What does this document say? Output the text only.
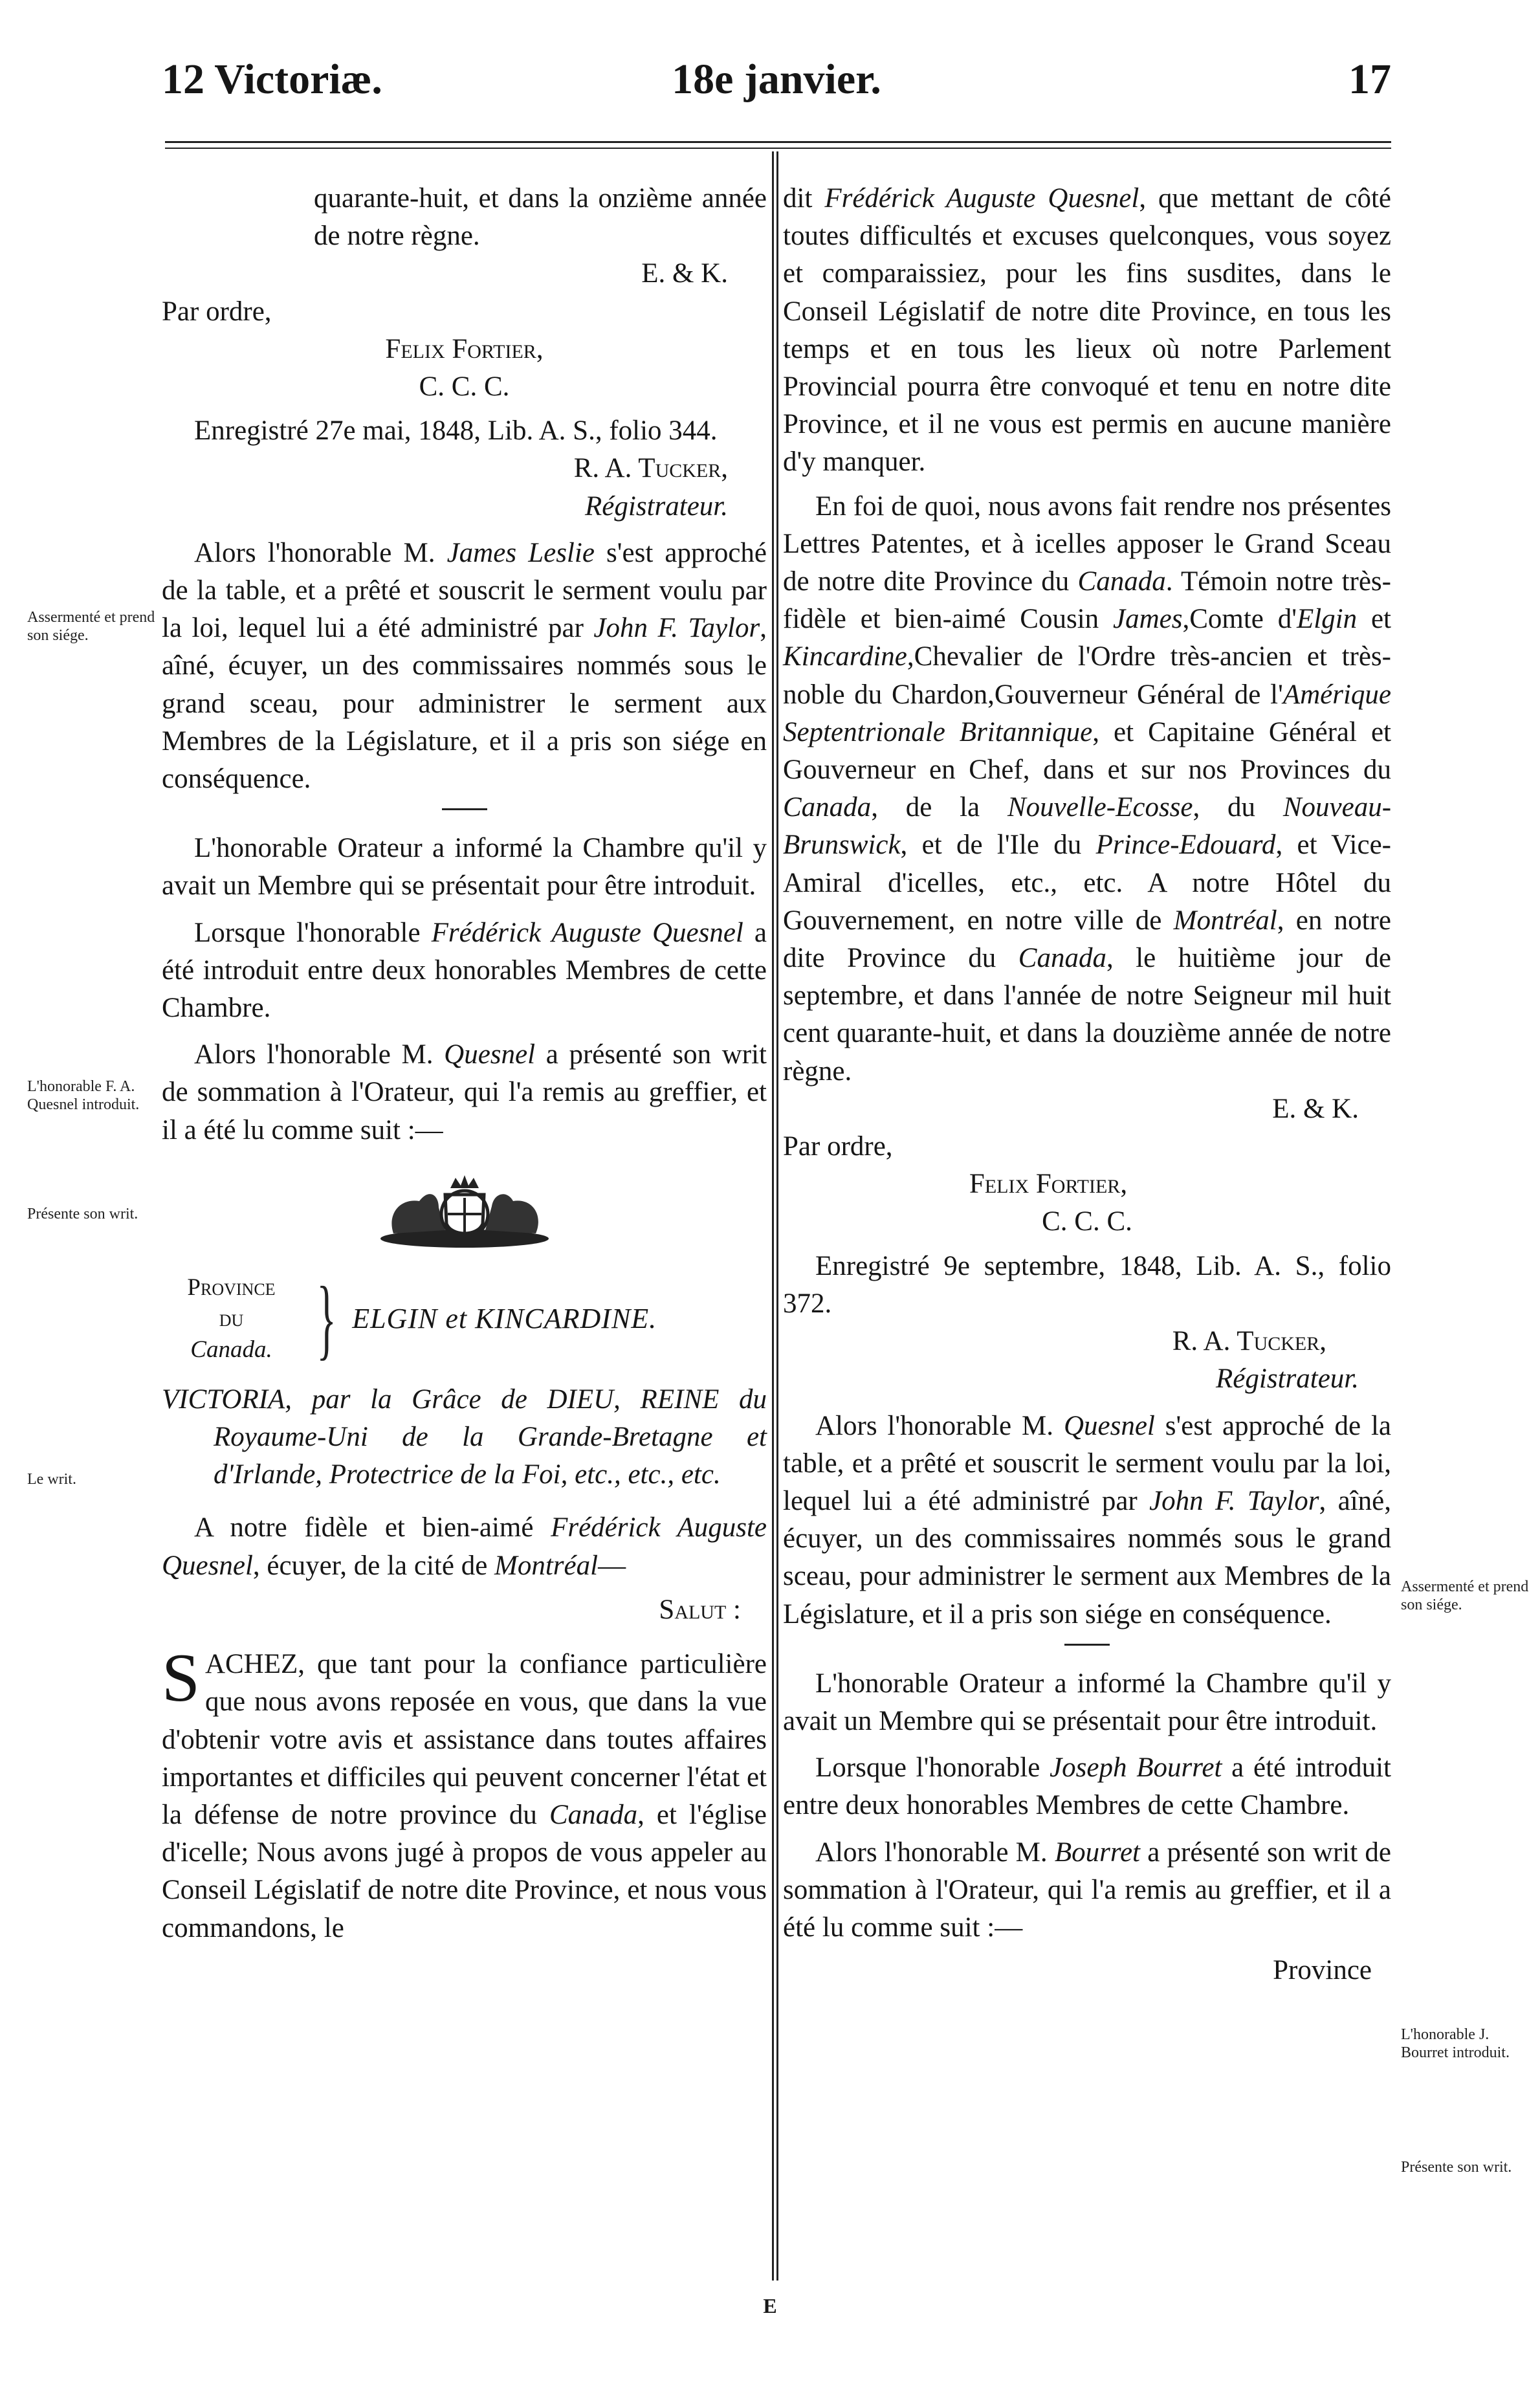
12 Victoriæ.	18e janvier.	17
Assermenté et prend son siége.
L'honorable F. A. Quesnel introduit.
Présente son writ.
Le writ.
Assermenté et prend son siége.
L'honorable J. Bourret introduit.
Présente son writ.

quarante-huit, et dans la onzième année de notre règne.

E. & K.

Par ordre,

Felix Fortier,

C. C. C.

Enregistré 27e mai, 1848, Lib. A. S., folio 344.

R. A. Tucker,

Régistrateur.

Alors l'honorable M. James Leslie s'est approché de la table, et a prêté et souscrit le serment voulu par la loi, lequel lui a été administré par John F. Taylor, aîné, écuyer, un des commissaires nommés sous le grand sceau, pour administrer le serment aux Membres de la Législature, et il a pris son siége en conséquence.

L'honorable Orateur a informé la Chambre qu'il y avait un Membre qui se présentait pour être introduit.

Lorsque l'honorable Frédérick Auguste Quesnel a été introduit entre deux honorables Membres de cette Chambre.

Alors l'honorable M. Quesnel a présenté son writ de sommation à l'Orateur, qui l'a remis au greffier, et il a été lu comme suit :—

Province
du
Canada. } ELGIN et KINCARDINE.

VICTORIA, par la Grâce de DIEU, REINE du Royaume-Uni de la Grande-Bretagne et d'Irlande, Protectrice de la Foi, etc., etc., etc.

A notre fidèle et bien-aimé Frédérick Auguste Quesnel, écuyer, de la cité de Montréal—

Salut :

SACHEZ, que tant pour la confiance particulière que nous avons reposée en vous, que dans la vue d'obtenir votre avis et assistance dans toutes affaires importantes et difficiles qui peuvent concerner l'état et la défense de notre province du Canada, et l'église d'icelle; Nous avons jugé à propos de vous appeler au Conseil Législatif de notre dite Province, et nous vous commandons, le

dit Frédérick Auguste Quesnel, que mettant de côté toutes difficultés et excuses quelconques, vous soyez et comparaissiez, pour les fins susdites, dans le Conseil Législatif de notre dite Province, en tous les temps et en tous les lieux où notre Parlement Provincial pourra être convoqué et tenu en notre dite Province, et il ne vous est permis en aucune manière d'y manquer.

En foi de quoi, nous avons fait rendre nos présentes Lettres Patentes, et à icelles apposer le Grand Sceau de notre dite Province du Canada. Témoin notre très-fidèle et bien-aimé Cousin James,Comte d'Elgin et Kincardine,Chevalier de l'Ordre très-ancien et très-noble du Chardon,Gouverneur Général de l'Amérique Septentrionale Britannique, et Capitaine Général et Gouverneur en Chef, dans et sur nos Provinces du Canada, de la Nouvelle-Ecosse, du Nouveau-Brunswick, et de l'Ile du Prince-Edouard, et Vice-Amiral d'icelles, etc., etc. A notre Hôtel du Gouvernement, en notre ville de Montréal, en notre dite Province du Canada, le huitième jour de septembre, et dans l'année de notre Seigneur mil huit cent quarante-huit, et dans la douzième année de notre règne.

E. & K.

Par ordre,

Felix Fortier,

C. C. C.

Enregistré 9e septembre, 1848, Lib. A. S., folio 372.

R. A. Tucker,

Régistrateur.

Alors l'honorable M. Quesnel s'est approché de la table, et a prêté et souscrit le serment voulu par la loi, lequel lui a été administré par John F. Taylor, aîné, écuyer, un des commissaires nommés sous le grand sceau, pour administrer le serment aux Membres de la Législature, et il a pris son siége en conséquence.

L'honorable Orateur a informé la Chambre qu'il y avait un Membre qui se présentait pour être introduit.

Lorsque l'honorable Joseph Bourret a été introduit entre deux honorables Membres de cette Chambre.

Alors l'honorable M. Bourret a présenté son writ de sommation à l'Orateur, qui l'a remis au greffier, et il a été lu comme suit :—

Province

E
